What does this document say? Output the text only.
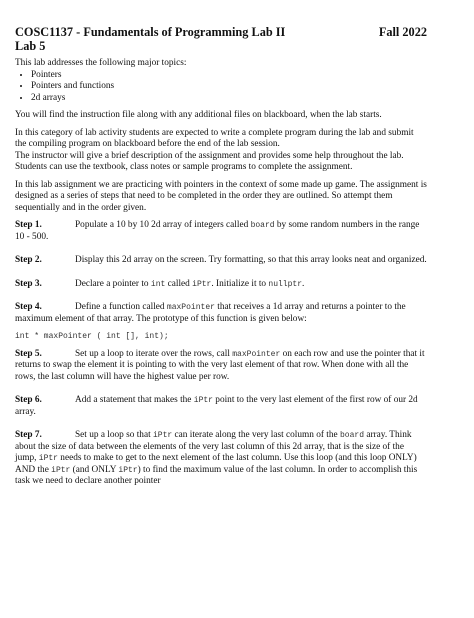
COSC1137 - Fundamentals of Programming Lab II	Fall 2022
Lab 5

This lab addresses the following major topics:

• Pointers
• Pointers and functions
• 2d arrays

You will find the instruction file along with any additional files on blackboard, when the lab starts.

In this category of lab activity students are expected to write a complete program during the lab and submit the compiling program on blackboard before the end of the lab session.

The instructor will give a brief description of the assignment and provides some help throughout the lab. Students can use the textbook, class notes or sample programs to complete the assignment.

In this lab assignment we are practicing with pointers in the context of some made up game. The assignment is designed as a series of steps that need to be completed in the order they are outlined. So attempt them sequentially and in the order given.

Step 1.	Populate a 10 by 10 2d array of integers called board by some random numbers in the range 10 - 500.

Step 2.	Display this 2d array on the screen. Try formatting, so that this array looks neat and organized.

Step 3.	Declare a pointer to int called iPtr. Initialize it to nullptr.

Step 4.	Define a function called maxPointer that receives a 1d array and returns a pointer to the maximum element of that array. The prototype of this function is given below:

int * maxPointer ( int [], int);

Step 5.	Set up a loop to iterate over the rows, call maxPointer on each row and use the pointer that it returns to swap the element it is pointing to with the very last element of that row. When done with all the rows, the last column will have the highest value per row.

Step 6.	Add a statement that makes the iPtr point to the very last element of the first row of our 2d array.

Step 7.	Set up a loop so that iPtr can iterate along the very last column of the board array. Think about the size of data between the elements of the very last column of this 2d array, that is the size of the jump, iPtr needs to make to get to the next element of the last column. Use this loop (and this loop ONLY) AND the iPtr (and ONLY iPtr) to find the maximum value of the last column. In order to accomplish this task we need to declare another pointer
